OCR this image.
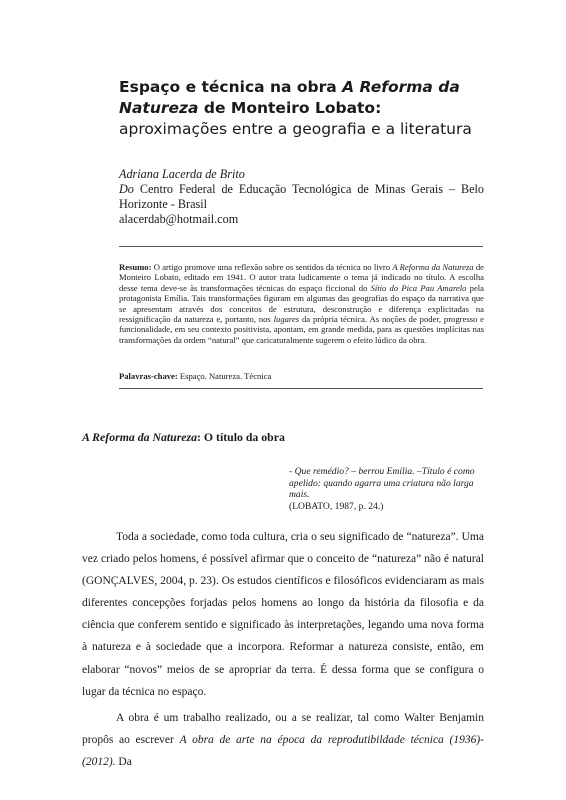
Espaço e técnica na obra A Reforma da Natureza de Monteiro Lobato: aproximações entre a geografia e a literatura
Adriana Lacerda de Brito
Do Centro Federal de Educação Tecnológica de Minas Gerais – Belo Horizonte - Brasil
alacerdab@hotmail.com
Resumo: O artigo promove uma reflexão sobre os sentidos da técnica no livro A Reforma da Natureza de Monteiro Lobato, editado em 1941. O autor trata ludicamente o tema já indicado no título. A escolha desse tema deve-se às transformações técnicas do espaço ficcional do Sítio do Pica Pau Amarelo pela protagonista Emília. Tais transformações figuram em algumas das geografias do espaço da narrativa que se apresentam através dos conceitos de estrutura, desconstrução e diferença explicitadas na ressignificação da natureza e, portanto, nos lugares da própria técnica. As noções de poder, progresso e funcionalidade, em seu contexto positivista, apontam, em grande medida, para as questões implícitas nas transformações da ordem “natural” que caricaturalmente sugerem o efeito lúdico da obra.
Palavras-chave: Espaço. Natureza. Técnica
A Reforma da Natureza: O título da obra
- Que remédio? – berrou Emília. –Título é como apelido: quando agarra uma criatura não larga mais.
(LOBATO, 1987, p. 24.)

Toda a sociedade, como toda cultura, cria o seu significado de “natureza”. Uma vez criado pelos homens, é possível afirmar que o conceito de “natureza” não é natural (GONÇALVES, 2004, p. 23). Os estudos científicos e filosóficos evidenciaram as mais diferentes concepções forjadas pelos homens ao longo da história da filosofia e da ciência que conferem sentido e significado às interpretações, legando uma nova forma à natureza e à sociedade que a incorpora. Reformar a natureza consiste, então, em elaborar “novos” meios de se apropriar da terra. É dessa forma que se configura o lugar da técnica no espaço.

A obra é um trabalho realizado, ou a se realizar, tal como Walter Benjamin propôs ao escrever A obra de arte na época da reprodutibildade técnica (1936)- (2012). Da
